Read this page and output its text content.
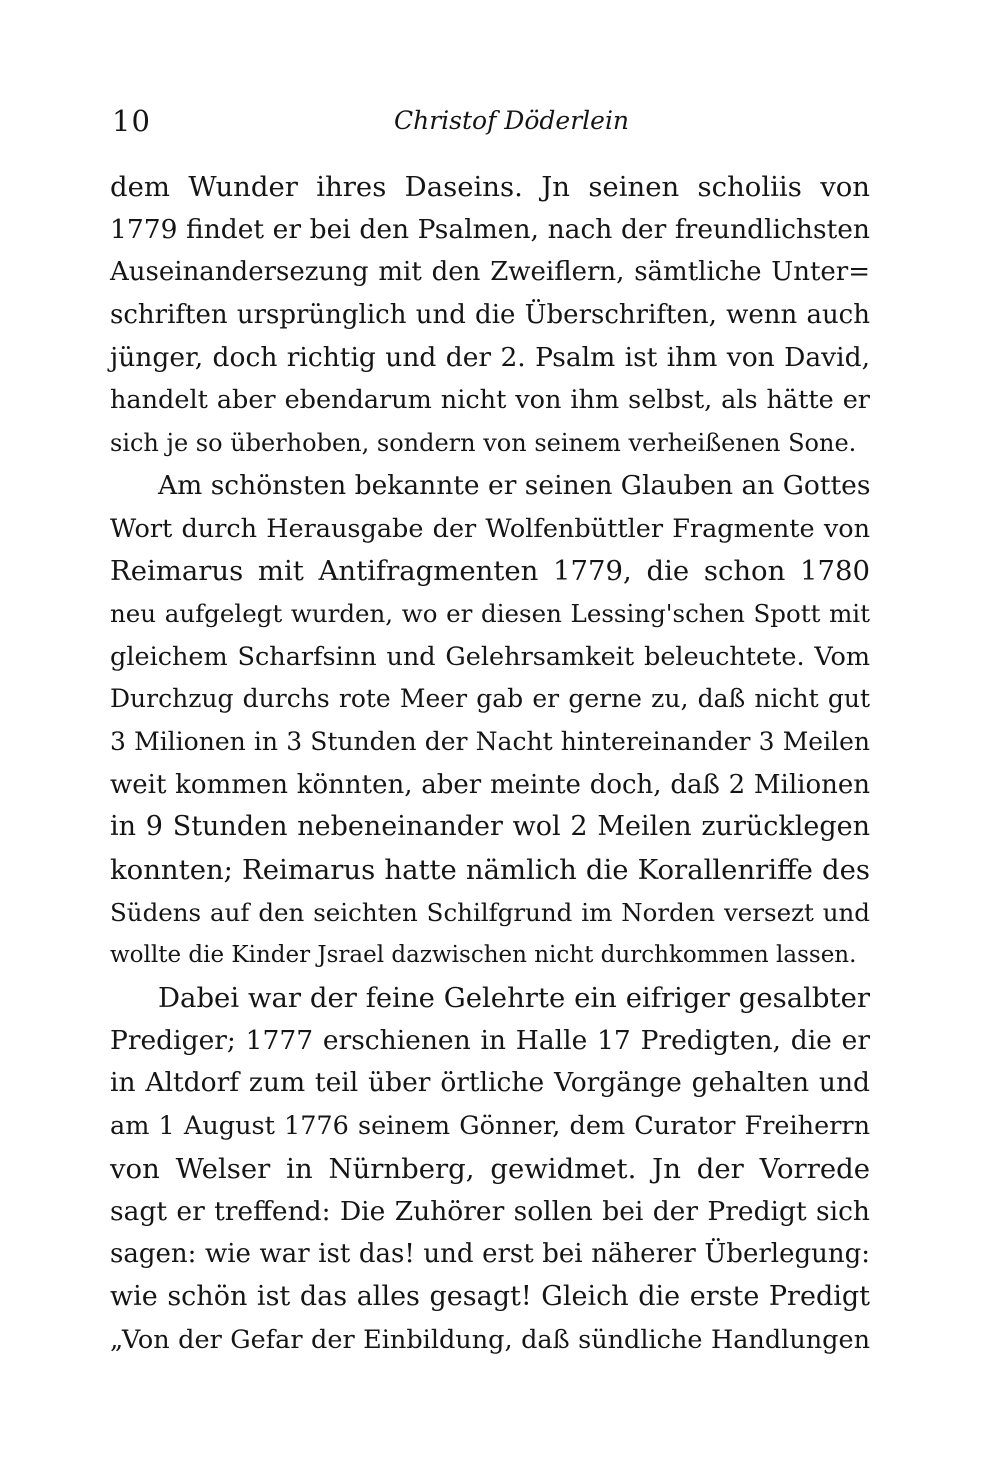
10	Christof Döderlein
dem Wunder ihres Daseins. Jn seinen scholiis von
1779 findet er bei den Psalmen, nach der freundlichsten
Auseinandersezung mit den Zweiflern, sämtliche Unter=
schriften ursprünglich und die Überschriften, wenn auch
jünger, doch richtig und der 2. Psalm ist ihm von David,
handelt aber ebendarum nicht von ihm selbst, als hätte er
sich je so überhoben, sondern von seinem verheißenen Sone.
Am schönsten bekannte er seinen Glauben an Gottes
Wort durch Herausgabe der Wolfenbüttler Fragmente von
Reimarus mit Antifragmenten 1779, die schon 1780
neu aufgelegt wurden, wo er diesen Lessing'schen Spott mit
gleichem Scharfsinn und Gelehrsamkeit beleuchtete. Vom
Durchzug durchs rote Meer gab er gerne zu, daß nicht gut
3 Milionen in 3 Stunden der Nacht hintereinander 3 Meilen
weit kommen könnten, aber meinte doch, daß 2 Milionen
in 9 Stunden nebeneinander wol 2 Meilen zurücklegen
konnten; Reimarus hatte nämlich die Korallenriffe des
Südens auf den seichten Schilfgrund im Norden versezt und
wollte die Kinder Jsrael dazwischen nicht durchkommen lassen.
Dabei war der feine Gelehrte ein eifriger gesalbter
Prediger; 1777 erschienen in Halle 17 Predigten, die er
in Altdorf zum teil über örtliche Vorgänge gehalten und
am 1 August 1776 seinem Gönner, dem Curator Freiherrn
von Welser in Nürnberg, gewidmet. Jn der Vorrede
sagt er treffend: Die Zuhörer sollen bei der Predigt sich
sagen: wie war ist das! und erst bei näherer Überlegung:
wie schön ist das alles gesagt! Gleich die erste Predigt
„Von der Gefar der Einbildung, daß sündliche Handlungen
